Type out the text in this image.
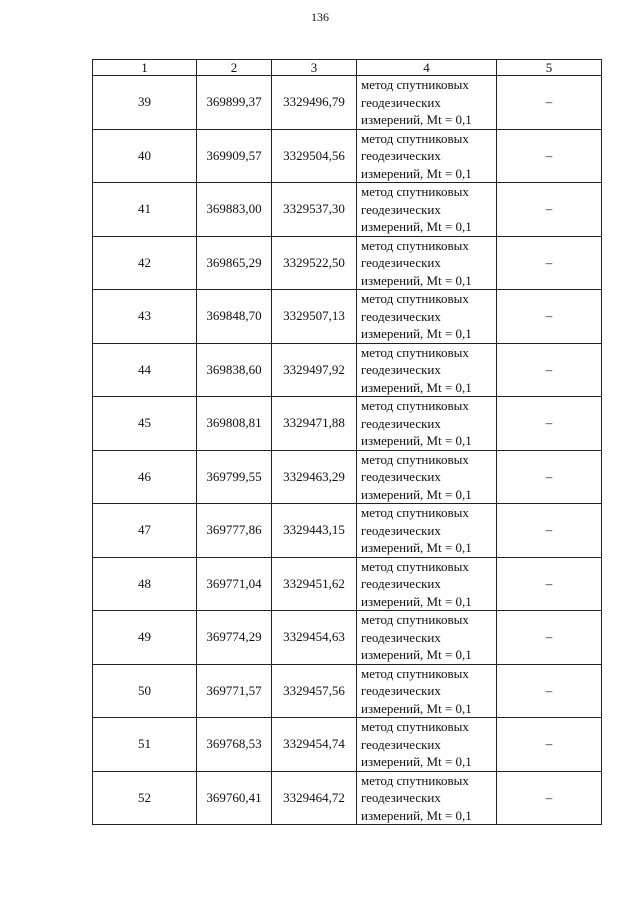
136
1	2	3	4	5
39	369899,37	3329496,79	метод спутниковых
геодезических
измерений, Mt = 0,1	–
40	369909,57	3329504,56	метод спутниковых
геодезических
измерений, Mt = 0,1	–
41	369883,00	3329537,30	метод спутниковых
геодезических
измерений, Mt = 0,1	–
42	369865,29	3329522,50	метод спутниковых
геодезических
измерений, Mt = 0,1	–
43	369848,70	3329507,13	метод спутниковых
геодезических
измерений, Mt = 0,1	–
44	369838,60	3329497,92	метод спутниковых
геодезических
измерений, Mt = 0,1	–
45	369808,81	3329471,88	метод спутниковых
геодезических
измерений, Mt = 0,1	–
46	369799,55	3329463,29	метод спутниковых
геодезических
измерений, Mt = 0,1	–
47	369777,86	3329443,15	метод спутниковых
геодезических
измерений, Mt = 0,1	–
48	369771,04	3329451,62	метод спутниковых
геодезических
измерений, Mt = 0,1	–
49	369774,29	3329454,63	метод спутниковых
геодезических
измерений, Mt = 0,1	–
50	369771,57	3329457,56	метод спутниковых
геодезических
измерений, Mt = 0,1	–
51	369768,53	3329454,74	метод спутниковых
геодезических
измерений, Mt = 0,1	–
52	369760,41	3329464,72	метод спутниковых
геодезических
измерений, Mt = 0,1	–
